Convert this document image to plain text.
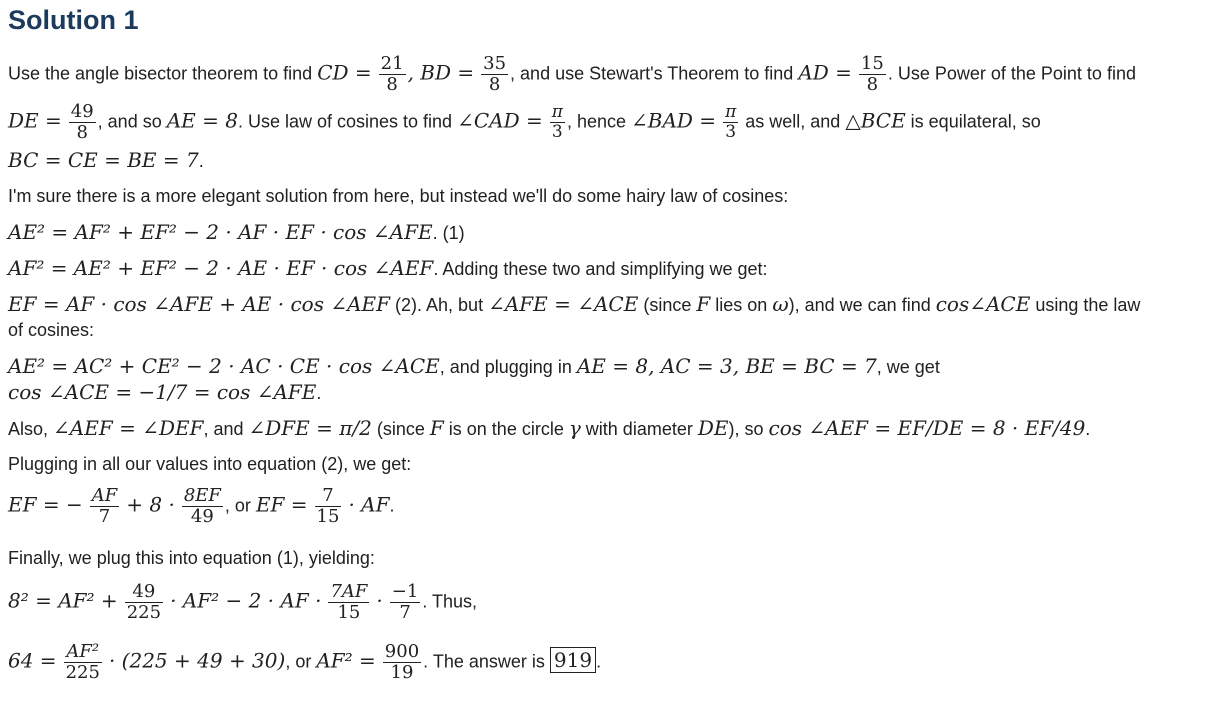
Solution 1
Use the angle bisector theorem to find CD = $\frac{21}{8}$ , BD = $\frac{35}{8}$ , and use Stewart's Theorem to find AD = $\frac{15}{8}$ . Use Power of the Point to find
DE = $\frac{49}{8}$ , and so AE = 8. Use law of cosines to find ∠CAD = $\frac{\pi}{3}$ , hence ∠BAD = $\frac{\pi}{3}$ as well, and △BCE is equilateral, so
BC = CE = BE = 7.
I'm sure there is a more elegant solution from here, but instead we'll do some hairy law of cosines:
AE² = AF² + EF² − 2 · AF · EF · cos ∠AFE. (1)
AF² = AE² + EF² − 2 · AE · EF · cos ∠AEF. Adding these two and simplifying we get:
EF = AF · cos ∠AFE + AE · cos ∠AEF (2). Ah, but ∠AFE = ∠ACE (since F lies on ω), and we can find cos∠ACE using the law
of cosines:
AE² = AC² + CE² − 2 · AC · CE · cos ∠ACE, and plugging in AE = 8, AC = 3, BE = BC = 7, we get
cos ∠ACE = −1/7 = cos ∠AFE.
Also, ∠AEF = ∠DEF, and ∠DFE = π/2 (since F is on the circle γ with diameter DE), so cos ∠AEF = EF/DE = 8 · EF/49.
Plugging in all our values into equation (2), we get:
EF = − $\frac{AF}{7} + 8 \cdot \frac{8EF}{49}$ , or EF = $\frac{7}{15}$ · AF.
Finally, we plug this into equation (1), yielding:
$8^2 = AF^2 + \frac{49}{225} \cdot AF^2 - 2$ · AF · $\frac{7AF}{15} \cdot \frac{-1}{7}$ . Thus,
$64 = \frac{\text{AF²}}{225} \cdot (225 + 49 + 30)$, or $AF^2 = \frac{900}{19}$ . The answer is 919 .
